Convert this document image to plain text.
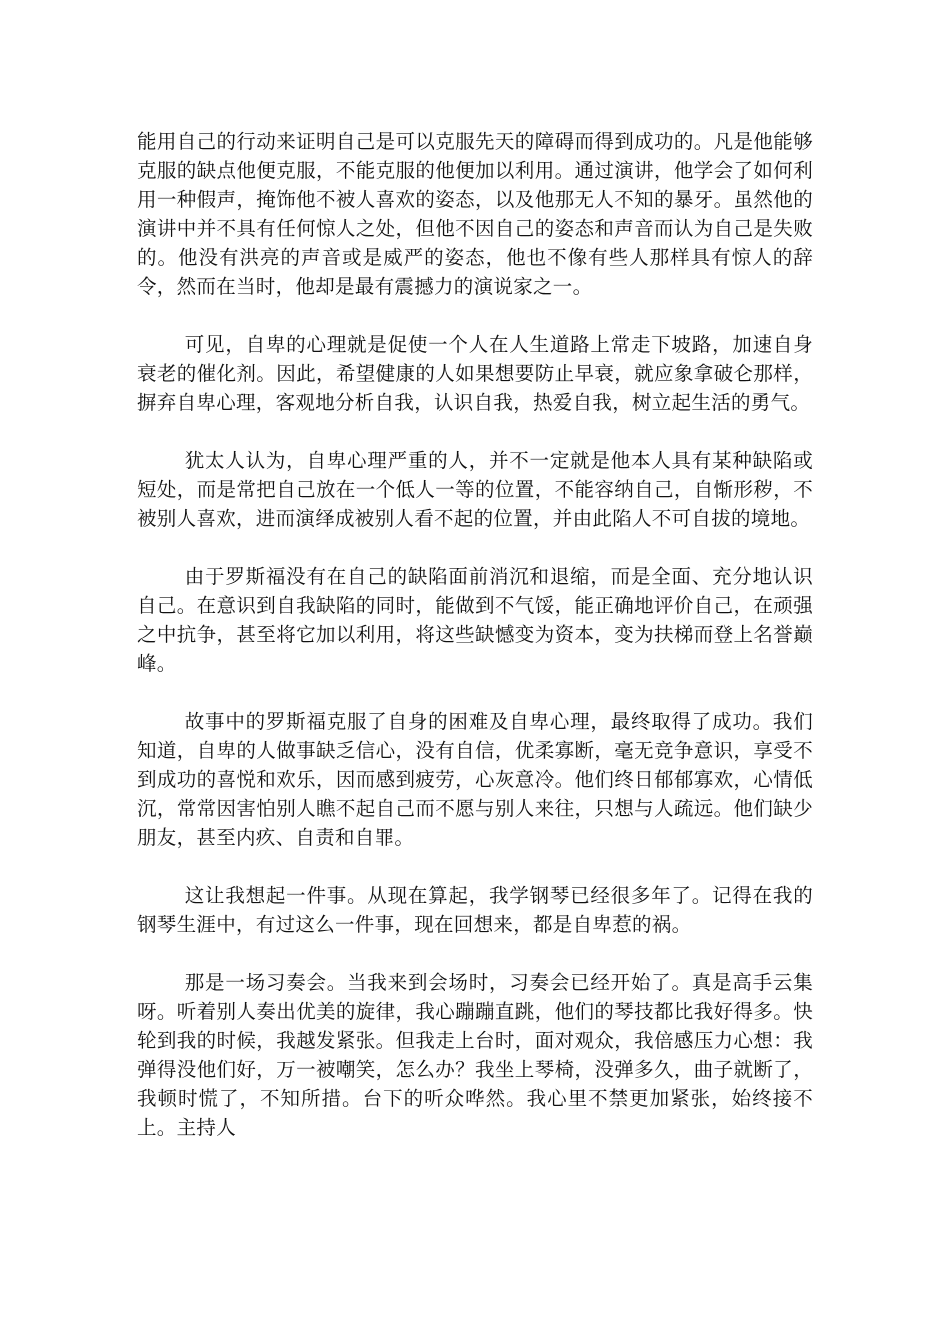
能用自己的行动来证明自己是可以克服先天的障碍而得到成功的。凡是他能够克服的缺点他便克服，不能克服的他便加以利用。通过演讲，他学会了如何利用一种假声，掩饰他不被人喜欢的姿态，以及他那无人不知的暴牙。虽然他的演讲中并不具有任何惊人之处，但他不因自己的姿态和声音而认为自己是失败的。他没有洪亮的声音或是威严的姿态，他也不像有些人那样具有惊人的辞令，然而在当时，他却是最有震撼力的演说家之一。

可见，自卑的心理就是促使一个人在人生道路上常走下坡路，加速自身衰老的催化剂。因此，希望健康的人如果想要防止早衰，就应象拿破仑那样，摒弃自卑心理，客观地分析自我，认识自我，热爱自我，树立起生活的勇气。

犹太人认为，自卑心理严重的人，并不一定就是他本人具有某种缺陷或短处，而是常把自己放在一个低人一等的位置，不能容纳自己，自惭形秽，不被别人喜欢，进而演绎成被别人看不起的位置，并由此陷人不可自拔的境地。

由于罗斯福没有在自己的缺陷面前消沉和退缩，而是全面、充分地认识自己。在意识到自我缺陷的同时，能做到不气馁，能正确地评价自己，在顽强之中抗争，甚至将它加以利用，将这些缺憾变为资本，变为扶梯而登上名誉巅峰。

故事中的罗斯福克服了自身的困难及自卑心理，最终取得了成功。我们知道，自卑的人做事缺乏信心，没有自信，优柔寡断，毫无竞争意识，享受不到成功的喜悦和欢乐，因而感到疲劳，心灰意冷。他们终日郁郁寡欢，心情低沉，常常因害怕别人瞧不起自己而不愿与别人来往，只想与人疏远。他们缺少朋友，甚至内疚、自责和自罪。

这让我想起一件事。从现在算起，我学钢琴已经很多年了。记得在我的钢琴生涯中，有过这么一件事，现在回想来，都是自卑惹的祸。

那是一场习奏会。当我来到会场时，习奏会已经开始了。真是高手云集呀。听着别人奏出优美的旋律，我心蹦蹦直跳，他们的琴技都比我好得多。快轮到我的时候，我越发紧张。但我走上台时，面对观众，我倍感压力心想：我弹得没他们好，万一被嘲笑，怎么办？我坐上琴椅，没弹多久，曲子就断了，我顿时慌了，不知所措。台下的听众哗然。我心里不禁更加紧张，始终接不上。主持人
